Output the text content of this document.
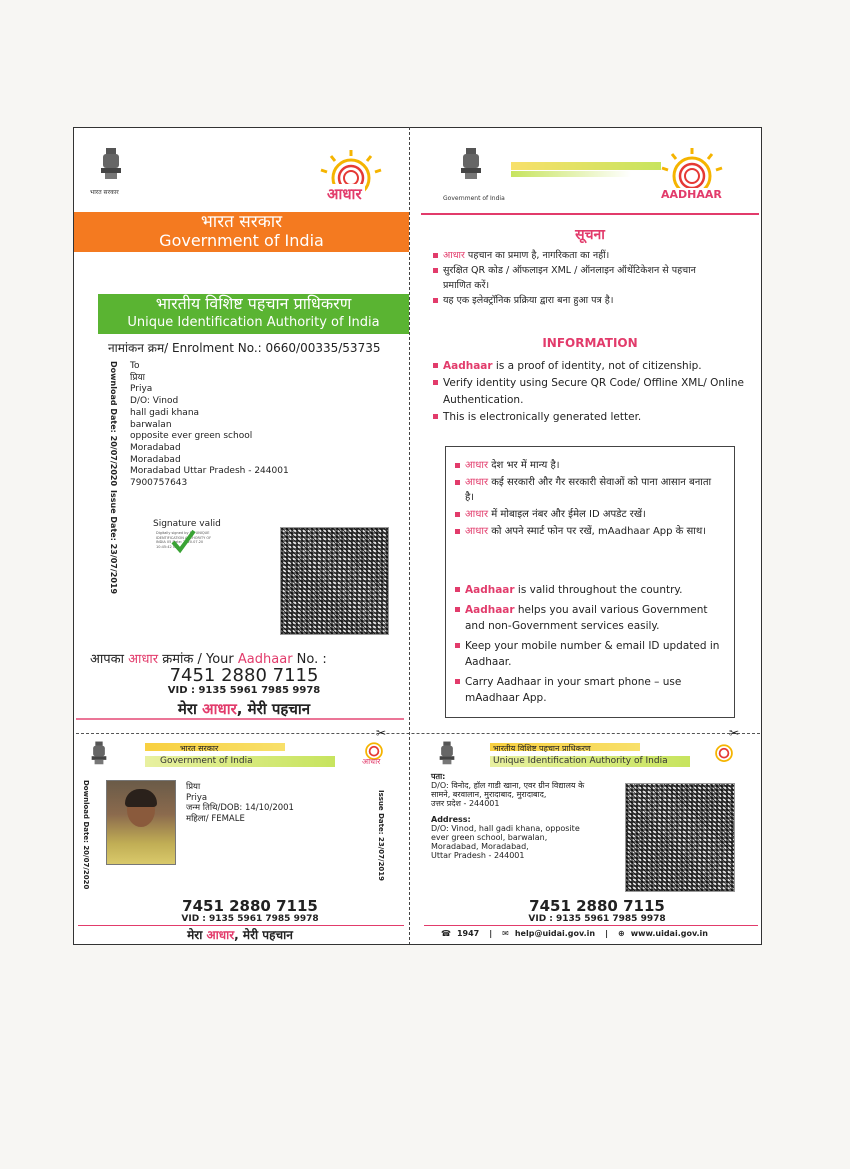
भारत सरकार	आधार
भारत सरकार
Government of India
भारतीय विशिष्ट पहचान प्राधिकरण
Unique Identification Authority of India
नामांकन क्रम/ Enrolment No.: 0660/00335/53735
Download Date: 20/07/2020
Issue Date: 23/07/2019
To
प्रिया
Priya
D/O: Vinod
hall gadi khana
barwalan
opposite ever green school
Moradabad
Moradabad
Moradabad Uttar Pradesh - 244001
7900757643
Signature valid
Digitally signed by DS UNIQUE IDENTIFICATION AUTHORITY OF INDIA 05 Date: 2020.07.20 10:45:42 IST
आपका आधार क्रमांक / Your Aadhaar No. :
7451 2880 7115
VID : 9135 5961 7985 9978
मेरा आधार, मेरी पहचान
Government of India	AADHAAR
सूचना
आधार पहचान का प्रमाण है, नागरिकता का नहीं।
सुरक्षित QR कोड / ऑफलाइन XML / ऑनलाइन ऑथेंटिकेशन से पहचान प्रमाणित करें।
यह एक इलेक्ट्रॉनिक प्रक्रिया द्वारा बना हुआ पत्र है।
INFORMATION
Aadhaar is a proof of identity, not of citizenship.
Verify identity using Secure QR Code/ Offline XML/ Online Authentication.
This is electronically generated letter.
आधार देश भर में मान्य है।
आधार कई सरकारी और गैर सरकारी सेवाओं को पाना आसान बनाता है।
आधार में मोबाइल नंबर और ईमेल ID अपडेट रखें।
आधार को अपने स्मार्ट फोन पर रखें, mAadhaar App के साथ।
Aadhaar is valid throughout the country.
Aadhaar helps you avail various Government and non-Government services easily.
Keep your mobile number & email ID updated in Aadhaar.
Carry Aadhaar in your smart phone – use mAadhaar App.
✂	✂
भारत सरकार
Government of India	आधार
Download Date: 20/07/2020	Issue Date: 23/07/2019
प्रिया
Priya
जन्म तिथि/DOB: 14/10/2001
महिला/ FEMALE
7451 2880 7115
VID : 9135 5961 7985 9978
मेरा आधार, मेरी पहचान
भारतीय विशिष्ट पहचान प्राधिकरण
Unique Identification Authority of India
पता:
D/O: विनोद, हॉल गाडी खाना, एवर ग्रीन विद्यालय के
सामने, बरवालान, मुरादाबाद, मुरादाबाद,
उत्तर प्रदेश - 244001
Address:
D/O: Vinod, hall gadi khana, opposite
ever green school, barwalan,
Moradabad, Moradabad,
Uttar Pradesh - 244001
7451 2880 7115
VID : 9135 5961 7985 9978
☎ 1947 | ✉ help@uidai.gov.in | ⊕ www.uidai.gov.in
